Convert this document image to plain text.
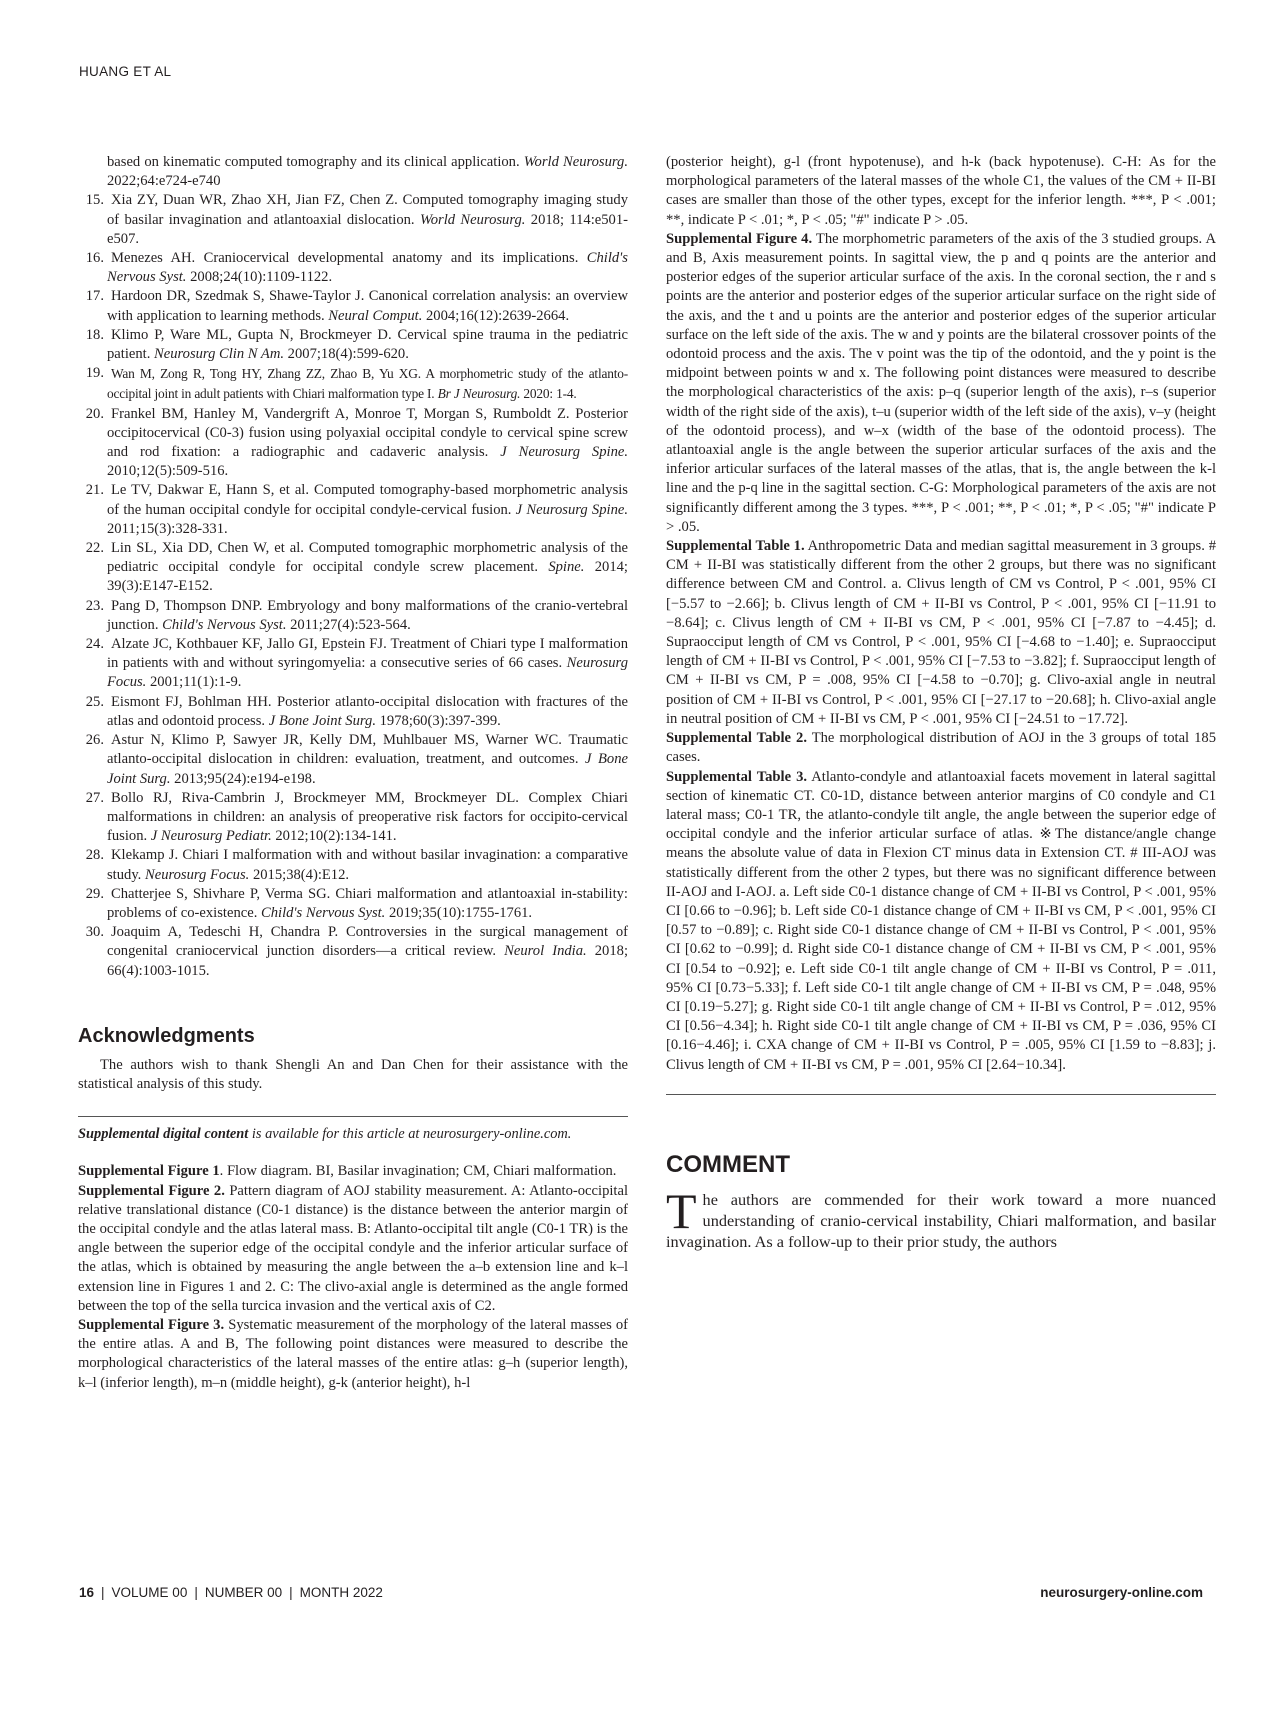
HUANG ET AL
based on kinematic computed tomography and its clinical application. World Neurosurg. 2022;64:e724-e740
15 . Xia ZY, Duan WR, Zhao XH, Jian FZ, Chen Z. Computed tomography imaging study of basilar invagination and atlantoaxial dislocation. World Neurosurg. 2018; 114:e501-e507.
16 . Menezes AH. Craniocervical developmental anatomy and its implications. Child's Nervous Syst. 2008;24(10):1109-1122.
17 . Hardoon DR, Szedmak S, Shawe-Taylor J. Canonical correlation analysis: an overview with application to learning methods. Neural Comput. 2004;16(12):2639-2664.
18 . Klimo P, Ware ML, Gupta N, Brockmeyer D. Cervical spine trauma in the pediatric patient. Neurosurg Clin N Am. 2007;18(4):599-620.
19 . Wan M, Zong R, Tong HY, Zhang ZZ, Zhao B, Yu XG. A morphometric study of the atlanto-occipital joint in adult patients with Chiari malformation type I. Br J Neurosurg. 2020: 1-4.
20 . Frankel BM, Hanley M, Vandergrift A, Monroe T, Morgan S, Rumboldt Z. Posterior occipitocervical (C0-3) fusion using polyaxial occipital condyle to cervical spine screw and rod fixation: a radiographic and cadaveric analysis. J Neurosurg Spine. 2010;12(5):509-516.
21 . Le TV, Dakwar E, Hann S, et al. Computed tomography-based morphometric analysis of the human occipital condyle for occipital condyle-cervical fusion. J Neurosurg Spine. 2011;15(3):328-331.
22 . Lin SL, Xia DD, Chen W, et al. Computed tomographic morphometric analysis of the pediatric occipital condyle for occipital condyle screw placement. Spine. 2014; 39(3):E147-E152.
23 . Pang D, Thompson DNP. Embryology and bony malformations of the cranio-vertebral junction. Child's Nervous Syst. 2011;27(4):523-564.
24 . Alzate JC, Kothbauer KF, Jallo GI, Epstein FJ. Treatment of Chiari type I malformation in patients with and without syringomyelia: a consecutive series of 66 cases. Neurosurg Focus. 2001;11(1):1-9.
25 . Eismont FJ, Bohlman HH. Posterior atlanto-occipital dislocation with fractures of the atlas and odontoid process. J Bone Joint Surg. 1978;60(3):397-399.
26 . Astur N, Klimo P, Sawyer JR, Kelly DM, Muhlbauer MS, Warner WC. Traumatic atlanto-occipital dislocation in children: evaluation, treatment, and outcomes. J Bone Joint Surg. 2013;95(24):e194-e198.
27 . Bollo RJ, Riva-Cambrin J, Brockmeyer MM, Brockmeyer DL. Complex Chiari malformations in children: an analysis of preoperative risk factors for occipito-cervical fusion. J Neurosurg Pediatr. 2012;10(2):134-141.
28 . Klekamp J. Chiari I malformation with and without basilar invagination: a comparative study. Neurosurg Focus. 2015;38(4):E12.
29 . Chatterjee S, Shivhare P, Verma SG. Chiari malformation and atlantoaxial in-stability: problems of co-existence. Child's Nervous Syst. 2019;35(10):1755-1761.
30 . Joaquim A, Tedeschi H, Chandra P. Controversies in the surgical management of congenital craniocervical junction disorders—a critical review. Neurol India. 2018; 66(4):1003-1015.
Acknowledgments

The authors wish to thank Shengli An and Dan Chen for their assistance with the statistical analysis of this study.

Supplemental digital content is available for this article at neurosurgery-online.com.

Supplemental Figure 1. Flow diagram. BI, Basilar invagination; CM, Chiari malformation.

Supplemental Figure 2. Pattern diagram of AOJ stability measurement. A: Atlanto-occipital relative translational distance (C0-1 distance) is the distance between the anterior margin of the occipital condyle and the atlas lateral mass. B: Atlanto-occipital tilt angle (C0-1 TR) is the angle between the superior edge of the occipital condyle and the inferior articular surface of the atlas, which is obtained by measuring the angle between the a–b extension line and k–l extension line in Figures 1 and 2. C: The clivo-axial angle is determined as the angle formed between the top of the sella turcica invasion and the vertical axis of C2.

Supplemental Figure 3. Systematic measurement of the morphology of the lateral masses of the entire atlas. A and B, The following point distances were measured to describe the morphological characteristics of the lateral masses of the entire atlas: g–h (superior length), k–l (inferior length), m–n (middle height), g-k (anterior height), h-l

(posterior height), g-l (front hypotenuse), and h-k (back hypotenuse). C-H: As for the morphological parameters of the lateral masses of the whole C1, the values of the CM + II-BI cases are smaller than those of the other types, except for the inferior length. ***, P < .001; **, indicate P < .01; *, P < .05; "#" indicate P > .05.

Supplemental Figure 4. The morphometric parameters of the axis of the 3 studied groups. A and B, Axis measurement points. In sagittal view, the p and q points are the anterior and posterior edges of the superior articular surface of the axis. In the coronal section, the r and s points are the anterior and posterior edges of the superior articular surface on the right side of the axis, and the t and u points are the anterior and posterior edges of the superior articular surface on the left side of the axis. The w and y points are the bilateral crossover points of the odontoid process and the axis. The v point was the tip of the odontoid, and the y point is the midpoint between points w and x. The following point distances were measured to describe the morphological characteristics of the axis: p–q (superior length of the axis), r–s (superior width of the right side of the axis), t–u (superior width of the left side of the axis), v–y (height of the odontoid process), and w–x (width of the base of the odontoid process). The atlantoaxial angle is the angle between the superior articular surfaces of the axis and the inferior articular surfaces of the lateral masses of the atlas, that is, the angle between the k-l line and the p-q line in the sagittal section. C-G: Morphological parameters of the axis are not significantly different among the 3 types. ***, P < .001; **, P < .01; *, P < .05; "#" indicate P > .05.

Supplemental Table 1. Anthropometric Data and median sagittal measurement in 3 groups. # CM + II-BI was statistically different from the other 2 groups, but there was no significant difference between CM and Control. a. Clivus length of CM vs Control, P < .001, 95% CI [−5.57 to −2.66]; b. Clivus length of CM + II-BI vs Control, P < .001, 95% CI [−11.91 to −8.64]; c. Clivus length of CM + II-BI vs CM, P < .001, 95% CI [−7.87 to −4.45]; d. Supraocciput length of CM vs Control, P < .001, 95% CI [−4.68 to −1.40]; e. Supraocciput length of CM + II-BI vs Control, P < .001, 95% CI [−7.53 to −3.82]; f. Supraocciput length of CM + II-BI vs CM, P = .008, 95% CI [−4.58 to −0.70]; g. Clivo-axial angle in neutral position of CM + II-BI vs Control, P < .001, 95% CI [−27.17 to −20.68]; h. Clivo-axial angle in neutral position of CM + II-BI vs CM, P < .001, 95% CI [−24.51 to −17.72].

Supplemental Table 2. The morphological distribution of AOJ in the 3 groups of total 185 cases.

Supplemental Table 3. Atlanto-condyle and atlantoaxial facets movement in lateral sagittal section of kinematic CT. C0-1D, distance between anterior margins of C0 condyle and C1 lateral mass; C0-1 TR, the atlanto-condyle tilt angle, the angle between the superior edge of occipital condyle and the inferior articular surface of atlas. ※The distance/angle change means the absolute value of data in Flexion CT minus data in Extension CT. # III-AOJ was statistically different from the other 2 types, but there was no significant difference between II-AOJ and I-AOJ. a. Left side C0-1 distance change of CM + II-BI vs Control, P < .001, 95% CI [0.66 to −0.96]; b. Left side C0-1 distance change of CM + II-BI vs CM, P < .001, 95% CI [0.57 to −0.89]; c. Right side C0-1 distance change of CM + II-BI vs Control, P < .001, 95% CI [0.62 to −0.99]; d. Right side C0-1 distance change of CM + II-BI vs CM, P < .001, 95% CI [0.54 to −0.92]; e. Left side C0-1 tilt angle change of CM + II-BI vs Control, P = .011, 95% CI [0.73−5.33]; f. Left side C0-1 tilt angle change of CM + II-BI vs CM, P = .048, 95% CI [0.19−5.27]; g. Right side C0-1 tilt angle change of CM + II-BI vs Control, P = .012, 95% CI [0.56−4.34]; h. Right side C0-1 tilt angle change of CM + II-BI vs CM, P = .036, 95% CI [0.16−4.46]; i. CXA change of CM + II-BI vs Control, P = .005, 95% CI [1.59 to −8.83]; j. Clivus length of CM + II-BI vs CM, P = .001, 95% CI [2.64−10.34].

COMMENT

The authors are commended for their work toward a more nuanced understanding of cranio-cervical instability, Chiari malformation, and basilar invagination. As a follow-up to their prior study, the authors

16 | VOLUME 00 | NUMBER 00 | MONTH 2022	neurosurgery-online.com
